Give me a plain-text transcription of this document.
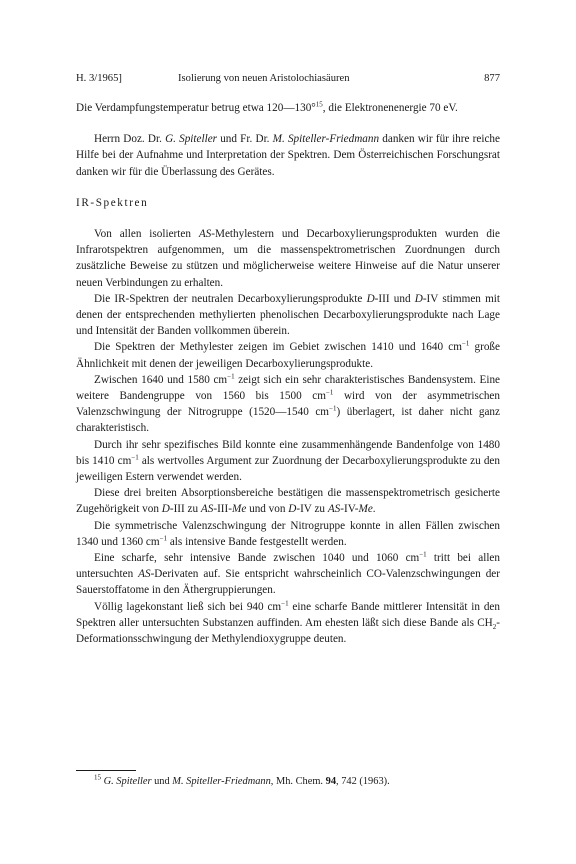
H. 3/1965]	Isolierung von neuen Aristolochiasäuren	877

Die Verdampfungstemperatur betrug etwa 120—130°$^{15}$, die Elektronenenergie 70 eV.

Herrn Doz. Dr. G. Spiteller und Fr. Dr. M. Spiteller-Friedmann danken wir für ihre reiche Hilfe bei der Aufnahme und Interpretation der Spektren. Dem Österreichischen Forschungsrat danken wir für die Überlassung des Gerätes.

IR-Spektren

Von allen isolierten AS-Methylestern und Decarboxylierungsprodukten wurden die Infrarotspektren aufgenommen, um die massenspektrometrischen Zuordnungen durch zusätzliche Beweise zu stützen und möglicherweise weitere Hinweise auf die Natur unserer neuen Verbindungen zu erhalten.

Die IR-Spektren der neutralen Decarboxylierungsprodukte D-III und D-IV stimmen mit denen der entsprechenden methylierten phenolischen Decarboxylierungsprodukte nach Lage und Intensität der Banden vollkommen überein.

Die Spektren der Methylester zeigen im Gebiet zwischen 1410 und 1640 $cm^{-1}$ große Ähnlichkeit mit denen der jeweiligen Decarboxylierungsprodukte.

Zwischen 1640 und 1580 $cm^{-1}$ zeigt sich ein sehr charakteristisches Bandensystem. Eine weitere Bandengruppe von 1560 bis 1500 $cm^{-1}$ wird von der asymmetrischen Valenzschwingung der Nitrogruppe (1520—1540 $cm^{-1}$) überlagert, ist daher nicht ganz charakteristisch.

Durch ihr sehr spezifisches Bild konnte eine zusammenhängende Bandenfolge von 1480 bis 1410 $cm^{-1}$ als wertvolles Argument zur Zuordnung der Decarboxylierungsprodukte zu den jeweiligen Estern verwendet werden.

Diese drei breiten Absorptionsbereiche bestätigen die massenspektrometrisch gesicherte Zugehörigkeit von D-III zu AS-III-Me und von D-IV zu AS-IV-Me.

Die symmetrische Valenzschwingung der Nitrogruppe konnte in allen Fällen zwischen 1340 und 1360 $cm^{-1}$ als intensive Bande festgestellt werden.

Eine scharfe, sehr intensive Bande zwischen 1040 und 1060 $cm^{-1}$ tritt bei allen untersuchten AS-Derivaten auf. Sie entspricht wahrscheinlich CO-Valenzschwingungen der Sauerstoffatome in den Äthergruppierungen.

Völlig lagekonstant ließ sich bei 940 $cm^{-1}$ eine scharfe Bande mittlerer Intensität in den Spektren aller untersuchten Substanzen auffinden. Am ehesten läßt sich diese Bande als $CH_2$-Deformationsschwingung der Methylendioxygruppe deuten.

$^{15}$ G. Spiteller und M. Spiteller-Friedmann, Mh. Chem. 94, 742 (1963).
